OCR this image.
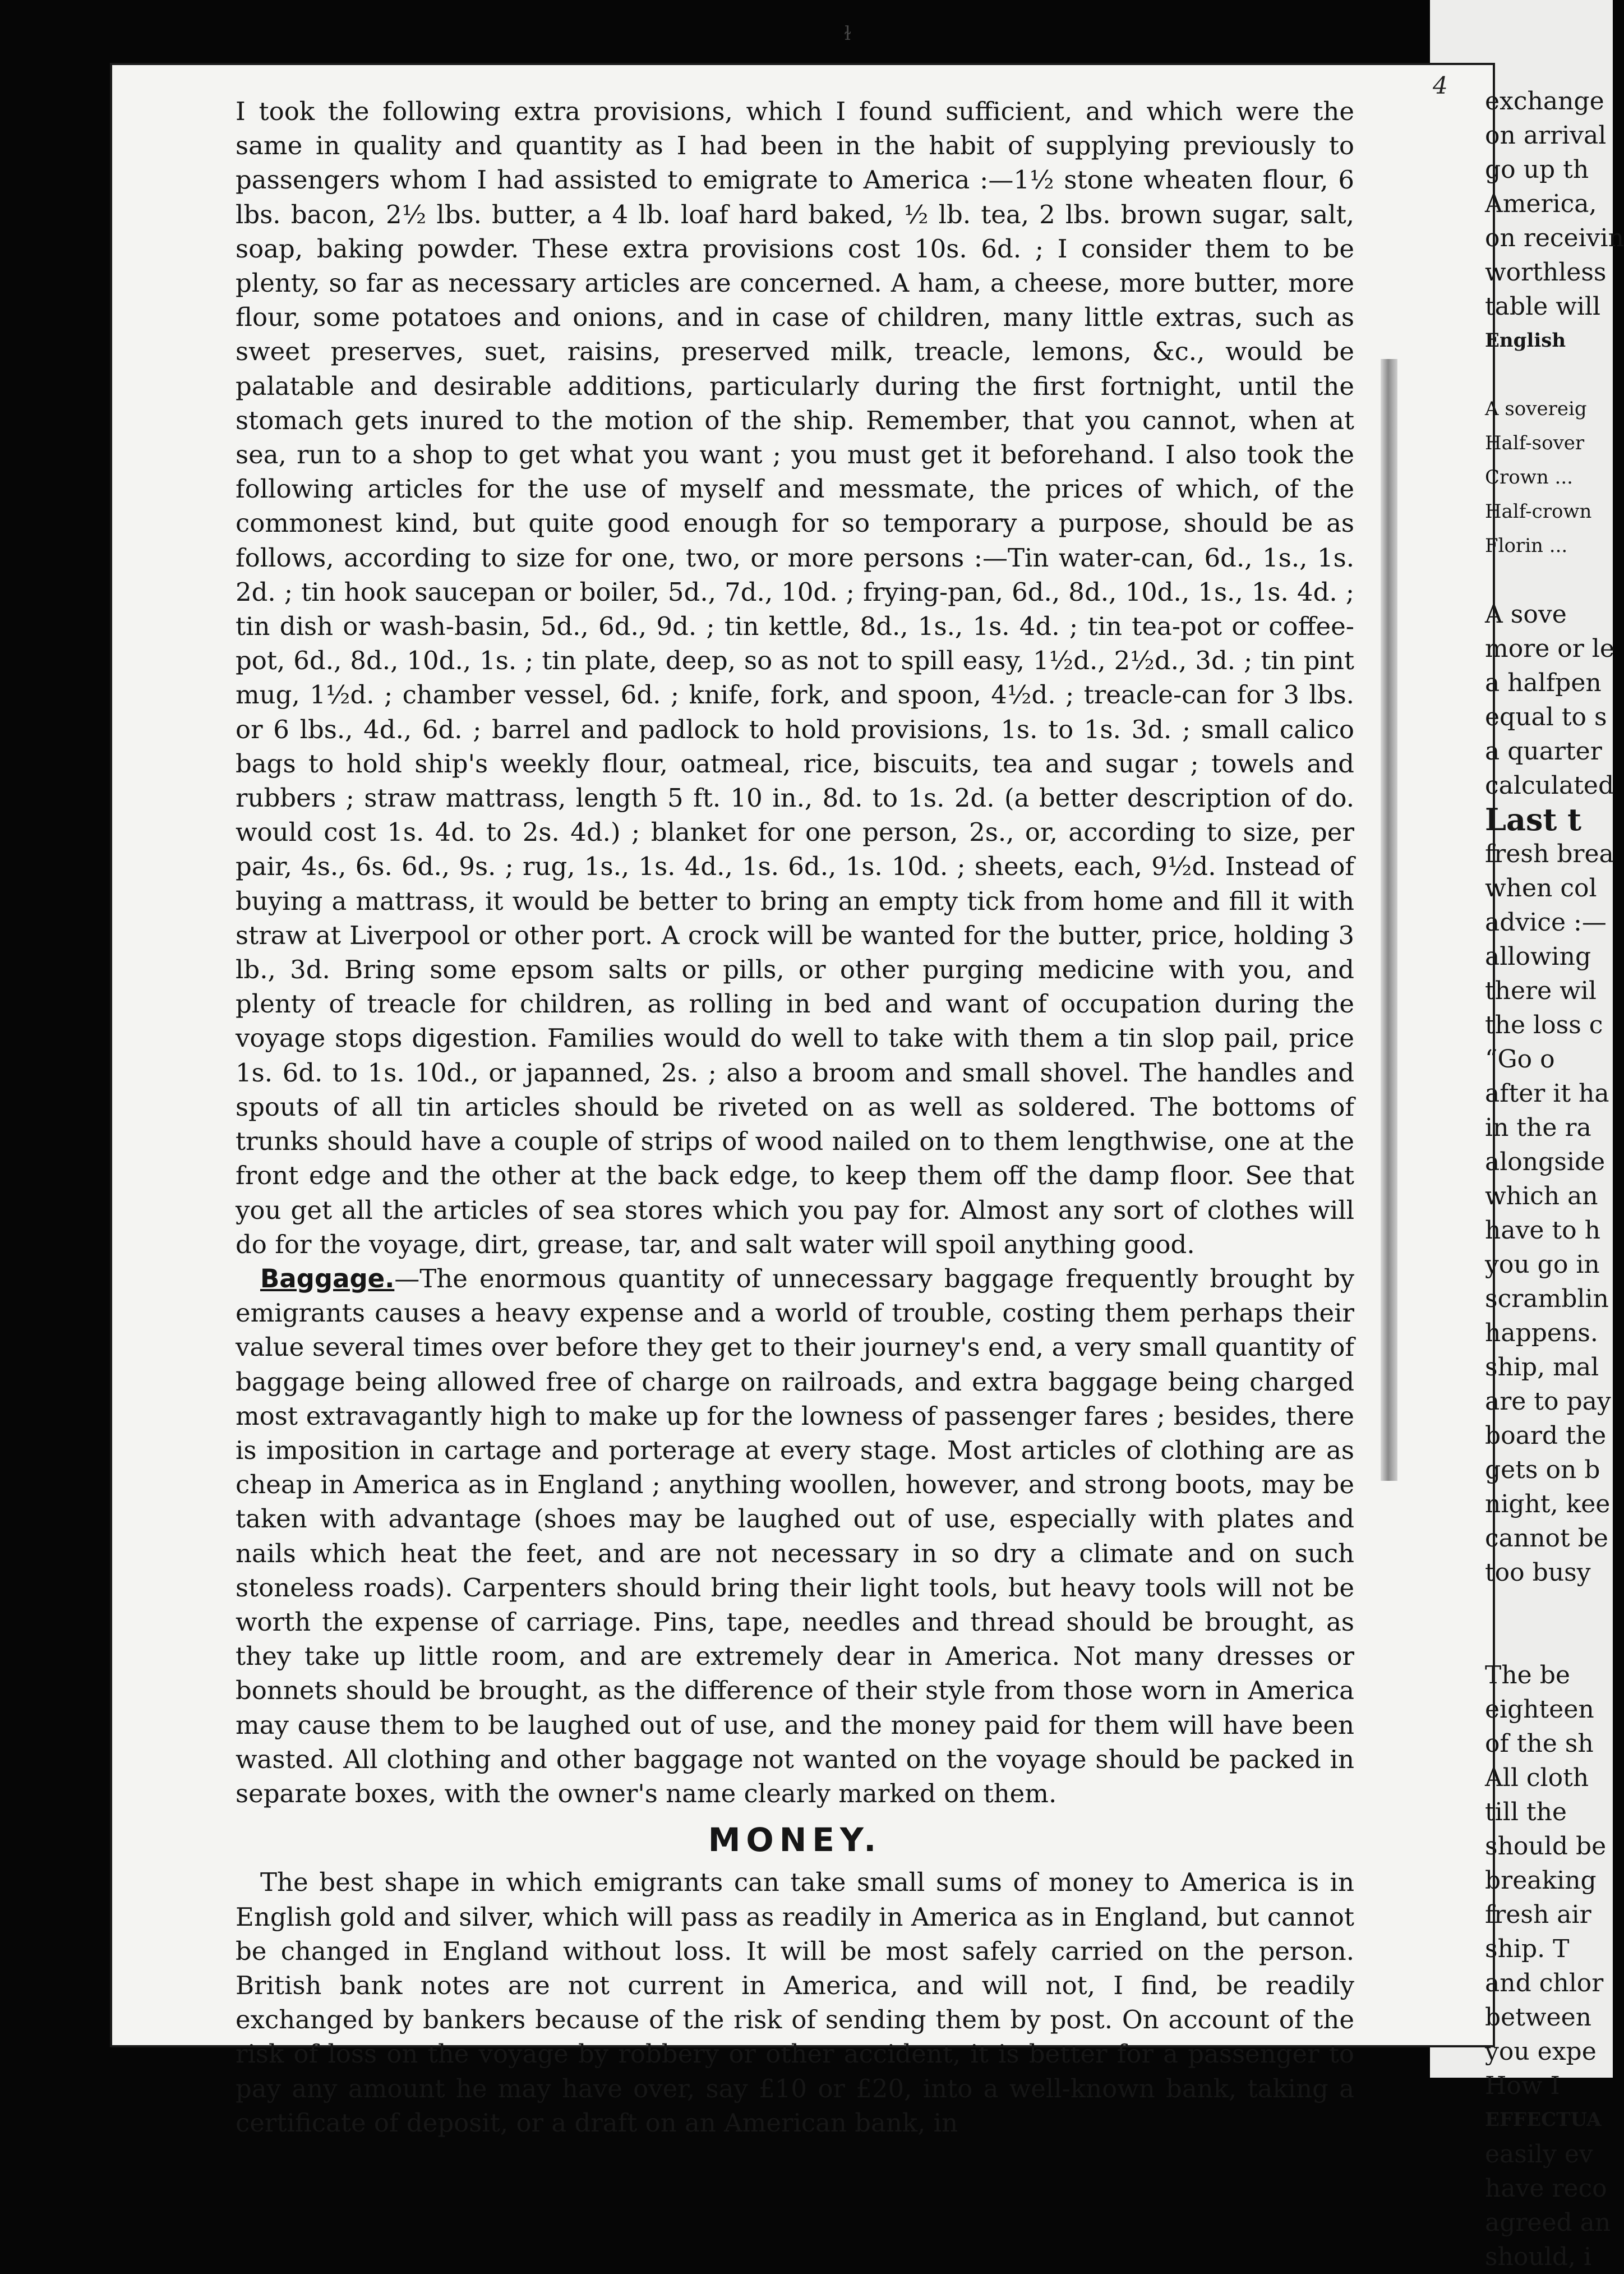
ɫ
4

I took the following extra provisions, which I found sufficient, and which were the same in quality and quantity as I had been in the habit of supplying previously to passengers whom I had assisted to emigrate to America :—1½ stone wheaten flour, 6 lbs. bacon, 2½ lbs. butter, a 4 lb. loaf hard baked, ½ lb. tea, 2 lbs. brown sugar, salt, soap, baking powder. These extra provisions cost 10s. 6d. ; I consider them to be plenty, so far as necessary articles are concerned. A ham, a cheese, more butter, more flour, some potatoes and onions, and in case of children, many little extras, such as sweet preserves, suet, raisins, preserved milk, treacle, lemons, &c., would be palatable and desirable additions, particularly during the first fortnight, until the stomach gets inured to the motion of the ship. Remember, that you cannot, when at sea, run to a shop to get what you want ; you must get it beforehand. I also took the following articles for the use of myself and messmate, the prices of which, of the commonest kind, but quite good enough for so temporary a purpose, should be as follows, according to size for one, two, or more persons :—Tin water-can, 6d., 1s., 1s. 2d. ; tin hook saucepan or boiler, 5d., 7d., 10d. ; frying-pan, 6d., 8d., 10d., 1s., 1s. 4d. ; tin dish or wash-basin, 5d., 6d., 9d. ; tin kettle, 8d., 1s., 1s. 4d. ; tin tea-pot or coffee-pot, 6d., 8d., 10d., 1s. ; tin plate, deep, so as not to spill easy, 1½d., 2½d., 3d. ; tin pint mug, 1½d. ; chamber vessel, 6d. ; knife, fork, and spoon, 4½d. ; treacle-can for 3 lbs. or 6 lbs., 4d., 6d. ; barrel and padlock to hold provisions, 1s. to 1s. 3d. ; small calico bags to hold ship's weekly flour, oatmeal, rice, biscuits, tea and sugar ; towels and rubbers ; straw mattrass, length 5 ft. 10 in., 8d. to 1s. 2d. (a better description of do. would cost 1s. 4d. to 2s. 4d.) ; blanket for one person, 2s., or, according to size, per pair, 4s., 6s. 6d., 9s. ; rug, 1s., 1s. 4d., 1s. 6d., 1s. 10d. ; sheets, each, 9½d. Instead of buying a mattrass, it would be better to bring an empty tick from home and fill it with straw at Liverpool or other port. A crock will be wanted for the butter, price, holding 3 lb., 3d. Bring some epsom salts or pills, or other purging medicine with you, and plenty of treacle for children, as rolling in bed and want of occupation during the voyage stops digestion. Families would do well to take with them a tin slop pail, price 1s. 6d. to 1s. 10d., or japanned, 2s. ; also a broom and small shovel. The handles and spouts of all tin articles should be riveted on as well as soldered. The bottoms of trunks should have a couple of strips of wood nailed on to them lengthwise, one at the front edge and the other at the back edge, to keep them off the damp floor. See that you get all the articles of sea stores which you pay for. Almost any sort of clothes will do for the voyage, dirt, grease, tar, and salt water will spoil anything good.

Baggage.—The enormous quantity of unnecessary baggage frequently brought by emigrants causes a heavy expense and a world of trouble, costing them perhaps their value several times over before they get to their journey's end, a very small quantity of baggage being allowed free of charge on railroads, and extra baggage being charged most extravagantly high to make up for the lowness of passenger fares ; besides, there is imposition in cartage and porterage at every stage. Most articles of clothing are as cheap in America as in England ; anything woollen, however, and strong boots, may be taken with advantage (shoes may be laughed out of use, especially with plates and nails which heat the feet, and are not necessary in so dry a climate and on such stoneless roads). Carpenters should bring their light tools, but heavy tools will not be worth the expense of carriage. Pins, tape, needles and thread should be brought, as they take up little room, and are extremely dear in America. Not many dresses or bonnets should be brought, as the difference of their style from those worn in America may cause them to be laughed out of use, and the money paid for them will have been wasted. All clothing and other baggage not wanted on the voyage should be packed in separate boxes, with the owner's name clearly marked on them.

MONEY.

The best shape in which emigrants can take small sums of money to America is in English gold and silver, which will pass as readily in America as in England, but cannot be changed in England without loss. It will be most safely carried on the person. British bank notes are not current in America, and will not, I find, be readily exchanged by bankers because of the risk of sending them by post. On account of the risk of loss on the voyage by robbery or other accident, it is better for a passenger to pay any amount he may have over, say £10 or £20, into a well-known bank, taking a certificate of deposit, or a draft on an American bank, in

exchange
on arrival
go up th
America,
on receivin
worthless
table will
English

A sovereig
Half-sover
Crown ...
Half-crown
Florin ...

A sove
more or le
a halfpen
equal to s
a quarter
calculated
Last t
fresh brea
when col
advice :—
allowing
there wil
the loss c
“Go o
after it ha
in the ra
alongside
which an
have to h
you go in
scramblin
happens.
ship, mal
are to pay
board the
gets on b
night, kee
cannot be
too busy

The be
eighteen
of the sh
All cloth
till the
should be
breaking
fresh air
ship. T
and chlor
between
you expe
How I
EFFECTUA
easily ev
have reco
agreed an
should, i
